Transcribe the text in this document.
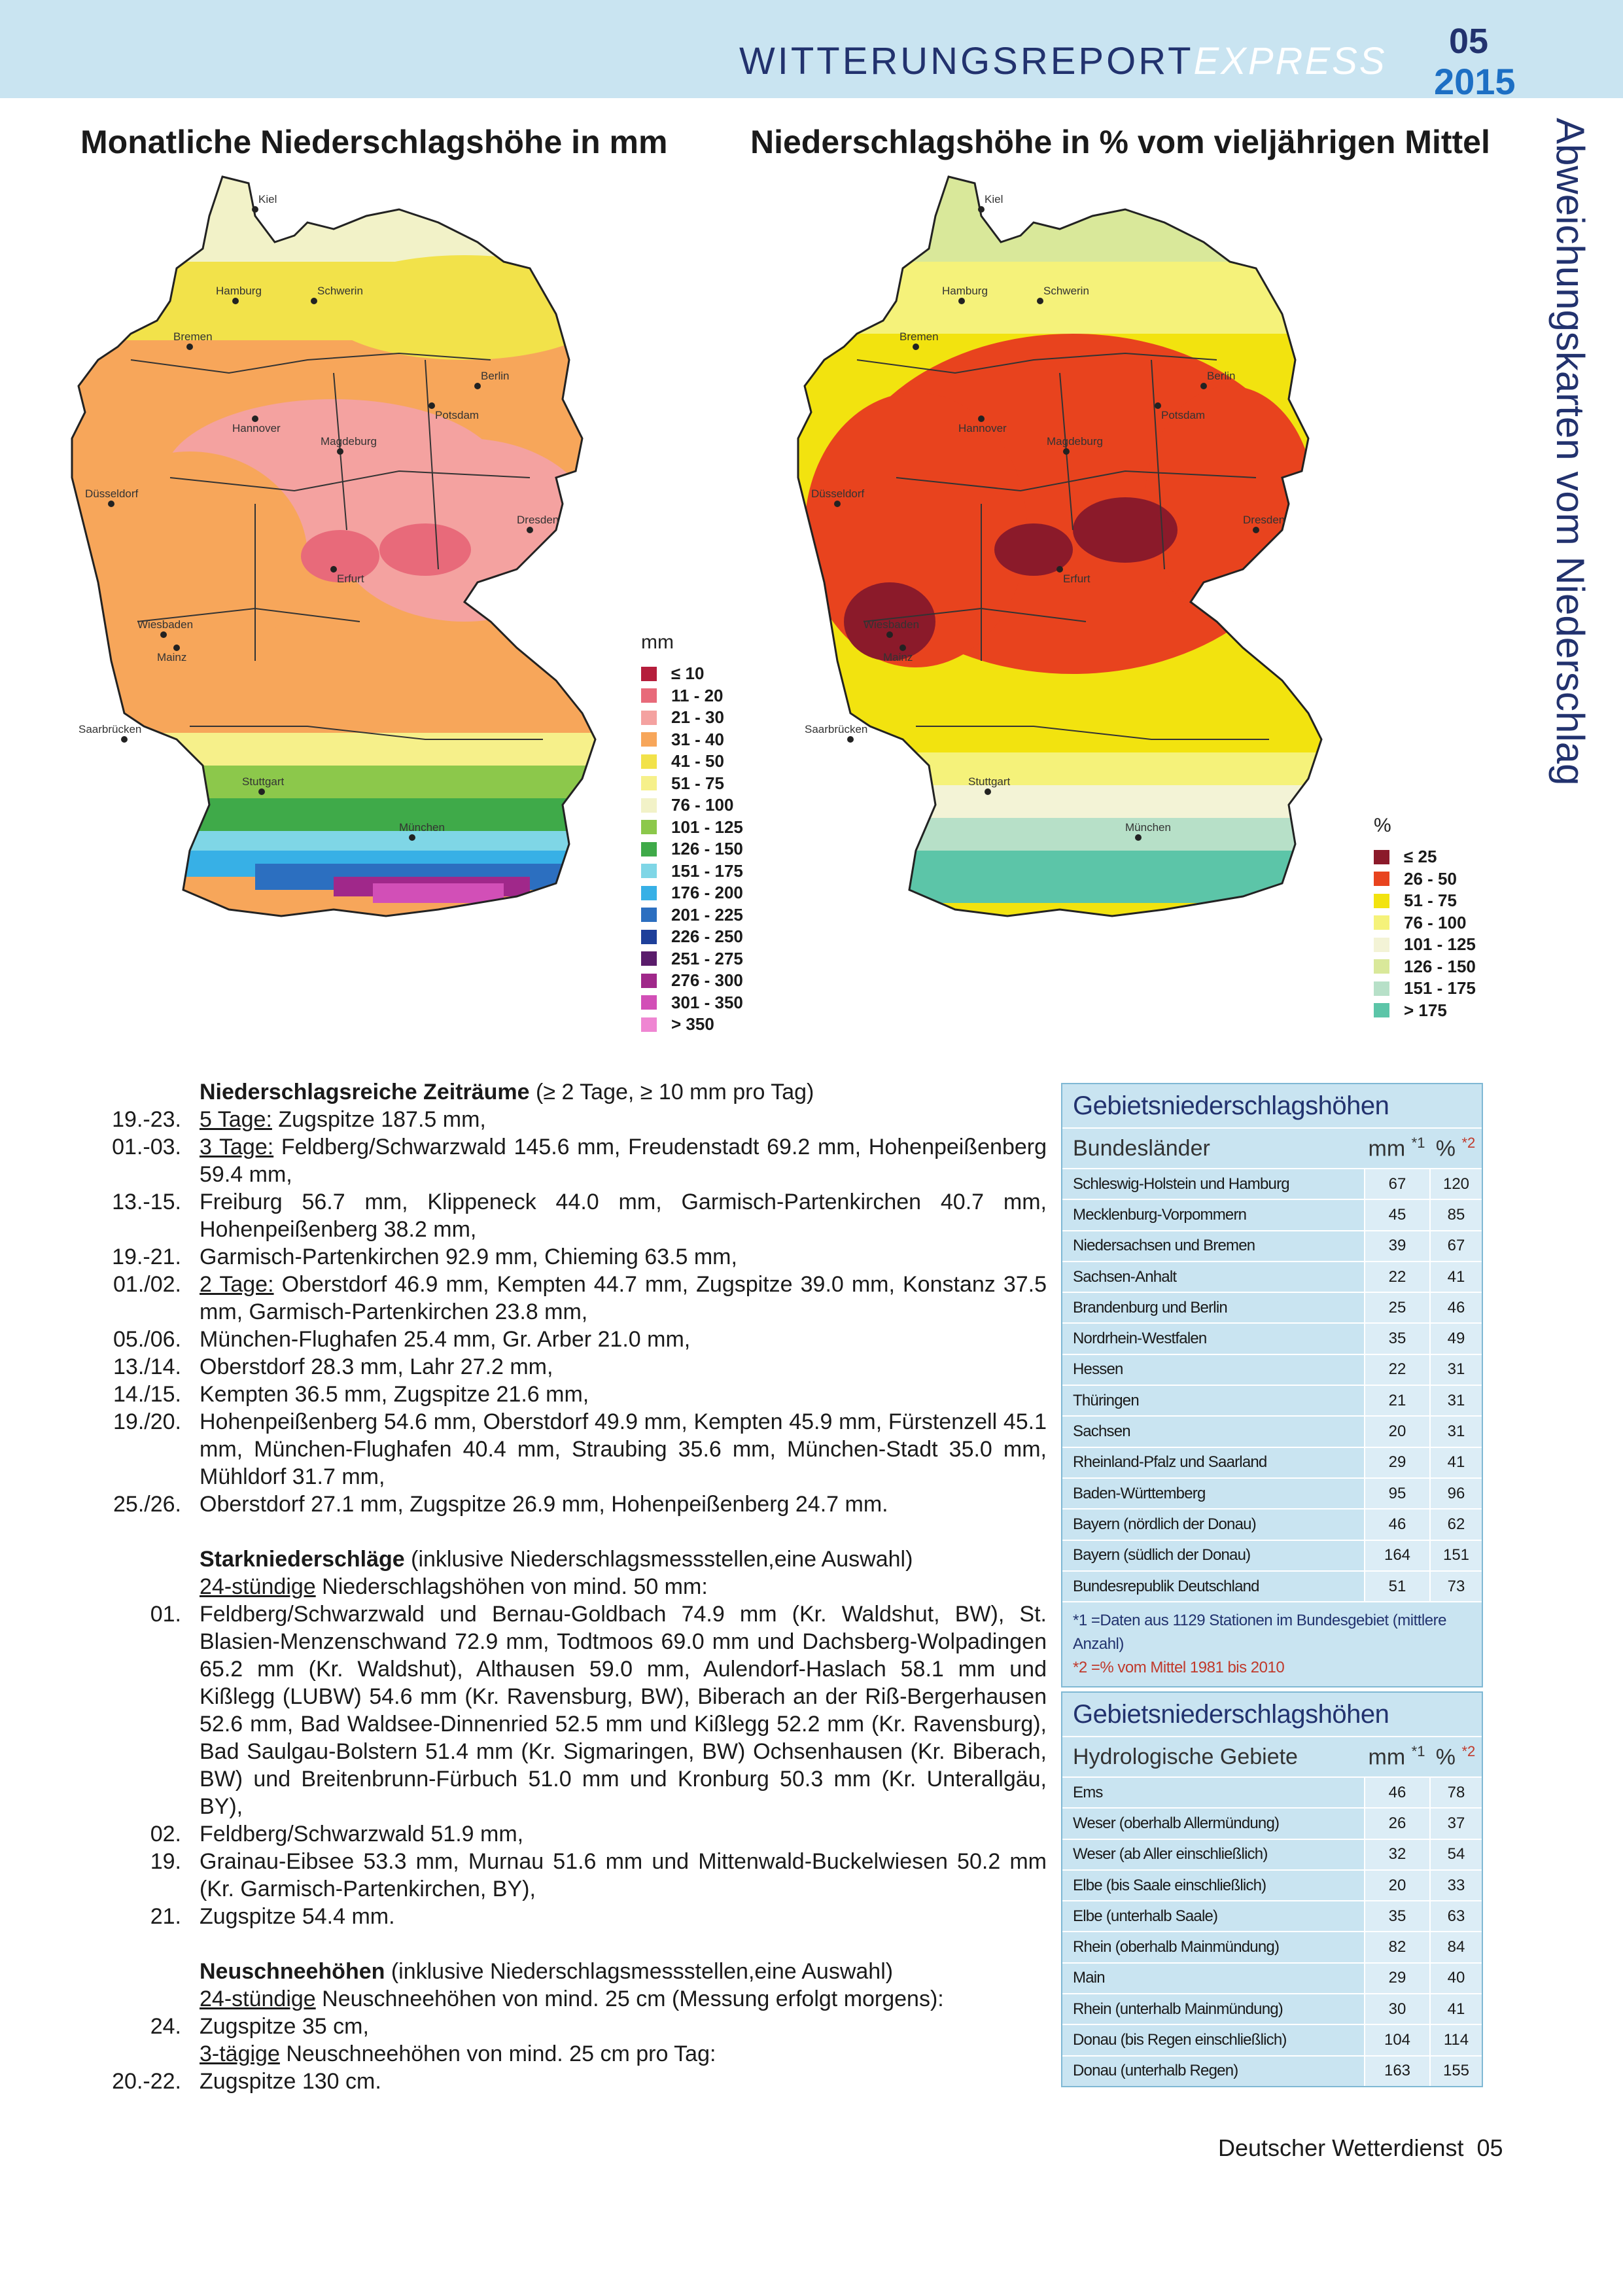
WITTERUNGSREPORTEXPRESS 05
2015
Abweichungskarten vom Niederschlag
Monatliche Niederschlagshöhe in mm	Niederschlagshöhe in % vom vieljährigen Mittel
Kiel
Hamburg	Schwerin
Bremen
Berlin
Potsdam
Hannover
Magdeburg
Düsseldorf
Dresden
Erfurt
Wiesbaden
Mainz
Saarbrücken
Stuttgart
München
Kiel
Hamburg	Schwerin
Bremen
Berlin
Potsdam
Hannover
Magdeburg
Düsseldorf
Dresden
Erfurt
Wiesbaden
Mainz
Saarbrücken
Stuttgart
München
mm
≤ 10
11 - 20
21 - 30
31 - 40
41 - 50
51 - 75
76 - 100
101 - 125
126 - 150
151 - 175
176 - 200
201 - 225
226 - 250
251 - 275
276 - 300
301 - 350
> 350
%
≤ 25
26 - 50
51 - 75
76 - 100
101 - 125
126 - 150
151 - 175
> 175
Niederschlagsreiche Zeiträume (≥ 2 Tage, ≥ 10 mm pro Tag)
19.-23. 5 Tage: Zugspitze 187.5 mm,
01.-03. 3 Tage: Feldberg/Schwarzwald 145.6 mm, Freudenstadt 69.2 mm, Hohenpeißenberg 59.4 mm,
13.-15. Freiburg 56.7 mm, Klippeneck 44.0 mm, Garmisch-Partenkirchen 40.7 mm, Hohenpeißenberg 38.2 mm,
19.-21. Garmisch-Partenkirchen 92.9 mm, Chieming 63.5 mm,
01./02. 2 Tage: Oberstdorf 46.9 mm, Kempten 44.7 mm, Zugspitze 39.0 mm, Konstanz 37.5 mm, Garmisch-Partenkirchen 23.8 mm,
05./06. München-Flughafen 25.4 mm, Gr. Arber 21.0 mm,
13./14. Oberstdorf 28.3 mm, Lahr 27.2 mm,
14./15. Kempten 36.5 mm, Zugspitze 21.6 mm,
19./20. Hohenpeißenberg 54.6 mm, Oberstdorf 49.9 mm, Kempten 45.9 mm, Fürstenzell 45.1 mm, München-Flughafen 40.4 mm, Straubing 35.6 mm, München-Stadt 35.0 mm, Mühldorf 31.7 mm,
25./26. Oberstdorf 27.1 mm, Zugspitze 26.9 mm, Hohenpeißenberg 24.7 mm.
Starkniederschläge (inklusive Niederschlagsmessstellen,eine Auswahl)
24-stündige Niederschlagshöhen von mind. 50 mm:
01. Feldberg/Schwarzwald und Bernau-Goldbach 74.9 mm (Kr. Waldshut, BW), St. Blasien-Menzenschwand 72.9 mm, Todtmoos 69.0 mm und Dachsberg-Wolpadingen 65.2 mm (Kr. Waldshut), Althausen 59.0 mm, Aulendorf-Haslach 58.1 mm und Kißlegg (LUBW) 54.6 mm (Kr. Ravensburg, BW), Biberach an der Riß-Bergerhausen 52.6 mm, Bad Waldsee-Dinnenried 52.5 mm und Kißlegg 52.2 mm (Kr. Ravensburg), Bad Saulgau-Bolstern 51.4 mm (Kr. Sigmaringen, BW) Ochsenhausen (Kr. Biberach, BW) und Breitenbrunn-Fürbuch 51.0 mm und Kronburg 50.3 mm (Kr. Unterallgäu, BY),
02. Feldberg/Schwarzwald 51.9 mm,
19. Grainau-Eibsee 53.3 mm, Murnau 51.6 mm und Mittenwald-Buckelwiesen 50.2 mm (Kr. Garmisch-Partenkirchen, BY),
21. Zugspitze 54.4 mm.
Neuschneehöhen (inklusive Niederschlagsmessstellen,eine Auswahl)
24-stündige Neuschneehöhen von mind. 25 cm (Messung erfolgt morgens):
24. Zugspitze 35 cm,
3-tägige Neuschneehöhen von mind. 25 cm pro Tag:
20.-22. Zugspitze 130 cm.
Gebietsniederschlagshöhen
Bundesländer	mm $^{*1}$ % $^{*2}$
Schleswig-Holstein und Hamburg	67	120
Mecklenburg-Vorpommern	45	85
Niedersachsen und Bremen	39	67
Sachsen-Anhalt	22	41
Brandenburg und Berlin	25	46
Nordrhein-Westfalen	35	49
Hessen	22	31
Thüringen	21	31
Sachsen	20	31
Rheinland-Pfalz und Saarland	29	41
Baden-Württemberg	95	96
Bayern (nördlich der Donau)	46	62
Bayern (südlich der Donau)	164	151
Bundesrepublik Deutschland	51	73
*1 =Daten aus 1129 Stationen im Bundesgebiet (mittlere Anzahl)
*2 =% vom Mittel 1981 bis 2010
Gebietsniederschlagshöhen
Hydrologische Gebiete	mm $^{*1}$ % $^{*2}$
Ems	46	78
Weser (oberhalb Allermündung)	26	37
Weser (ab Aller einschließlich)	32	54
Elbe (bis Saale einschließlich)	20	33
Elbe (unterhalb Saale)	35	63
Rhein (oberhalb Mainmündung)	82	84
Main	29	40
Rhein (unterhalb Mainmündung)	30	41
Donau (bis Regen einschließlich)	104	114
Donau (unterhalb Regen)	163	155
Deutscher Wetterdienst 05
